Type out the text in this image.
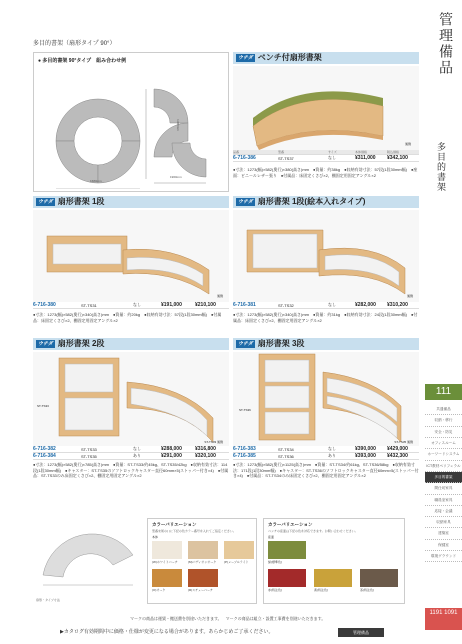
多目的書架（扇形タイプ 90°）
● 多目的書架 90°タイプ　組み合わせ例
1680mm
1960mm
1380mm
ウチダ ベンチ付扇形書架
裏側
品番	型番	サイズ	本体価格	税込価格
6-716-386	ST-TS37	なし	¥311,000	¥342,100
●寸法：1273(幅)×582(奥行)×380(高さ)mm　●質量：約38kg　●収納有効寸法：57段(1段30mm幅)　●座面：ビニールレザー張り　●付属品：床固定くさび×2、棚固定用固定アングル×2
ウチダ 扇形書架 1段
裏側
6-716-380	ST-TS31	なし	¥191,000	¥210,100
●寸法：1273(幅)×582(奥行)×340(高さ)mm　●質量：約20kg　●収納有効寸法：57段(1段30mm幅)　●付属品：床固定くさび×2、棚固定用固定アングル×2
ウチダ 扇形書架 1段(絵本入れタイプ)
裏側
6-716-381	ST-TS32	なし	¥282,000	¥310,200
●寸法：1273(幅)×582(奥行)×340(高さ)mm　●質量：約31kg　●収納有効寸法：24段(1段30mm幅)　●付属品：床固定くさび×2、棚固定用固定アングル×2
ウチダ 扇形書架 2段
ST-TS33
ST-TS33 裏側
6-716-382	ST-TS33	なし	¥288,000	¥316,800
6-716-384	ST-TS35	あり	¥291,000	¥320,100
●寸法：1273(幅)×582(奥行)×785(高さ)mm　●質量：ST-TS33/約45kg、ST-TS35/42kg　●収納有効寸法：114段(1段30mm幅)　●キャスター：ST-TS35のソフトロックキャスター直径60mm×5(ストッパー付き×4)　●付属品：ST-TS33のみ床固定くさび×2、棚固定用固定アングル×2
ウチダ 扇形書架 3段
ST-TS36
ST-TS35 裏側
6-716-383	ST-TS34	なし	¥390,000	¥429,000
6-716-385	ST-TS36	あり	¥393,000	¥432,300
●寸法：1273(幅)×582(奥行)×1125(高さ)mm　●質量：ST-TS34/約61kg、ST-TS36/58kg　●収納有効寸法：171段(1段30mm幅)　●キャスター：ST-TS36のソフトロックキャスター直径60mm×5(ストッパー付き×4)　●付属品：ST-TS34のみ床固定くさび×2、棚固定用固定アングル×2
扇形・タイプ寸法
カラーバリエーション
型番末尾の( )に下記の色カラー番号を入れてご指定ください。
本体
(W)ホワイトバーチ	(M)パディオンオーク	(P)メープルライト
(O)オーク	(R)スチューバーチ
カラーバリエーション
ベンチの座面は下記の色を対応できます。お問い合わせください。
座面
緑(標準色)
赤(特注色)	黄(特注色)	茶(特注色)
マークの商品は運賃・搬送費を別途いただきます。　マークの商品は組立・設置工事費を別途いただきます。
▶カタログ有効期間中に価格・仕様が変更になる場合があります。あらかじめご了承ください。	管理備品
管理備品
多目的書架
111
共通備品
収納・移行
安全・防災
オフィスルーム
ホーワードシステム
ICT教材ペリフェラル
多目的書架
間仕切家具
職員室家具
応接・会議
収納家具
建築室
保健室
環境グラウンド
1191 1091
